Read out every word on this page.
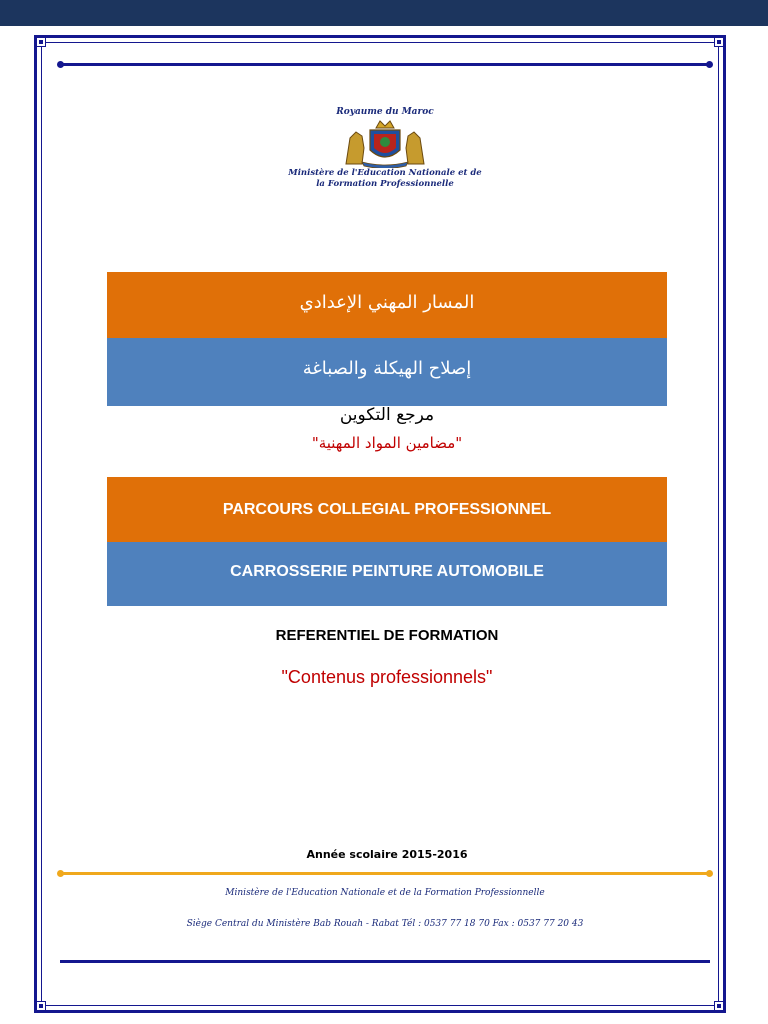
Royaume du Maroc
Ministère de l'Education Nationale et de
la Formation Professionnelle
المسار المهني الإعدادي
إصلاح الهيكلة والصباغة
مرجع التكوين
"مضامين المواد المهنية"
PARCOURS COLLEGIAL PROFESSIONNEL
CARROSSERIE PEINTURE AUTOMOBILE
REFERENTIEL DE FORMATION
"Contenus professionnels"
Année scolaire 2015-2016
Ministère de l'Education Nationale et de la Formation Professionnelle
Siège Central du Ministère Bab Rouah - Rabat Tél : 0537 77 18 70 Fax : 0537 77 20 43
